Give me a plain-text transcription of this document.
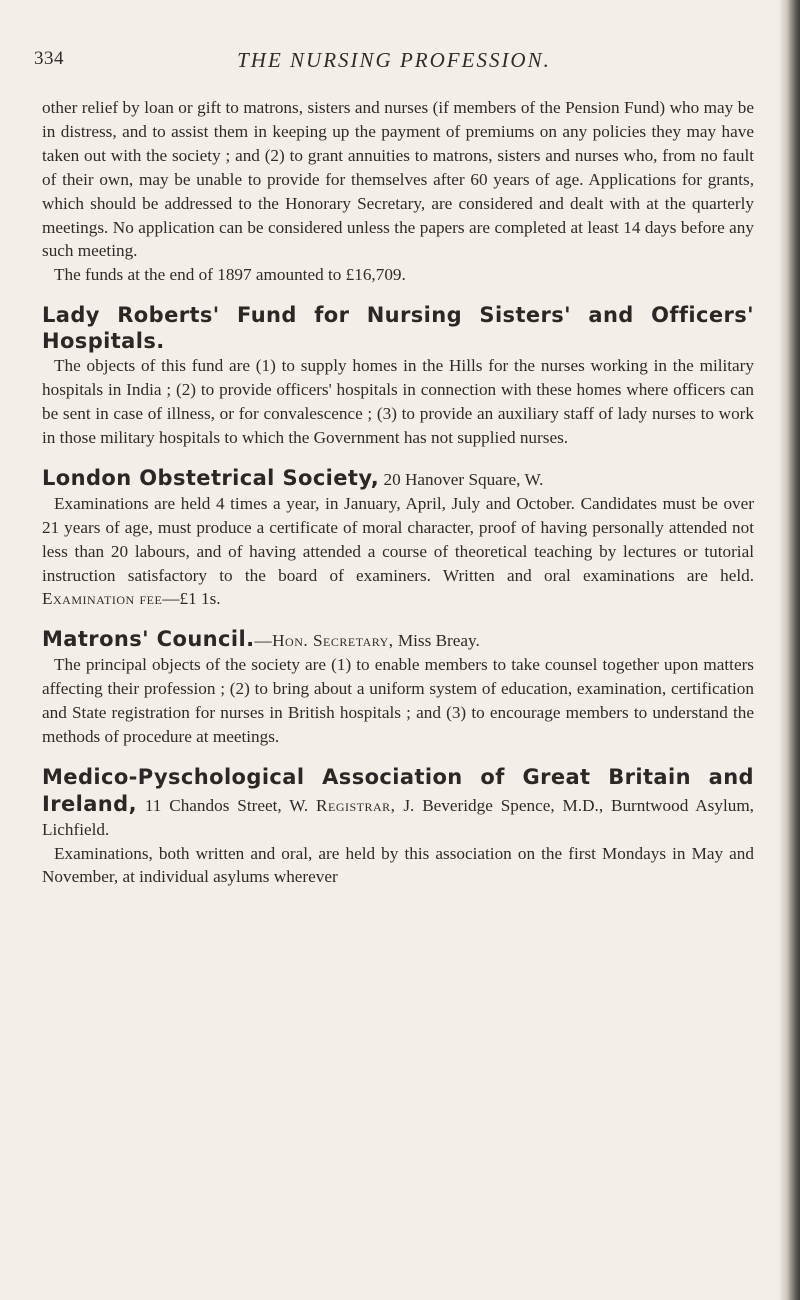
334	THE NURSING PROFESSION.

other relief by loan or gift to matrons, sisters and nurses (if members of the Pension Fund) who may be in distress, and to assist them in keeping up the payment of premiums on any policies they may have taken out with the society ; and (2) to grant annuities to matrons, sisters and nurses who, from no fault of their own, may be unable to provide for themselves after 60 years of age. Applications for grants, which should be addressed to the Honorary Secretary, are considered and dealt with at the quarterly meetings. No application can be considered unless the papers are completed at least 14 days before any such meeting.

The funds at the end of 1897 amounted to £16,709.

Lady Roberts' Fund for Nursing Sisters' and Officers' Hospitals.

The objects of this fund are (1) to supply homes in the Hills for the nurses working in the military hospitals in India ; (2) to provide officers' hospitals in connection with these homes where officers can be sent in case of illness, or for convalescence ; (3) to provide an auxiliary staff of lady nurses to work in those military hospitals to which the Government has not supplied nurses.

London Obstetrical Society, 20 Hanover Square, W.

Examinations are held 4 times a year, in January, April, July and October. Candidates must be over 21 years of age, must produce a certificate of moral character, proof of having personally attended not less than 20 labours, and of having attended a course of theoretical teaching by lectures or tutorial instruction satisfactory to the board of examiners. Written and oral examinations are held. Examination fee—£1 1s.

Matrons' Council.—Hon. Secretary, Miss Breay.

The principal objects of the society are (1) to enable members to take counsel together upon matters affecting their profession ; (2) to bring about a uniform system of education, examination, certification and State registration for nurses in British hospitals ; and (3) to encourage members to understand the methods of procedure at meetings.

Medico-Pyschological Association of Great Britain and Ireland, 11 Chandos Street, W. Registrar, J. Beveridge Spence, M.D., Burntwood Asylum, Lichfield.

Examinations, both written and oral, are held by this association on the first Mondays in May and November, at individual asylums wherever
